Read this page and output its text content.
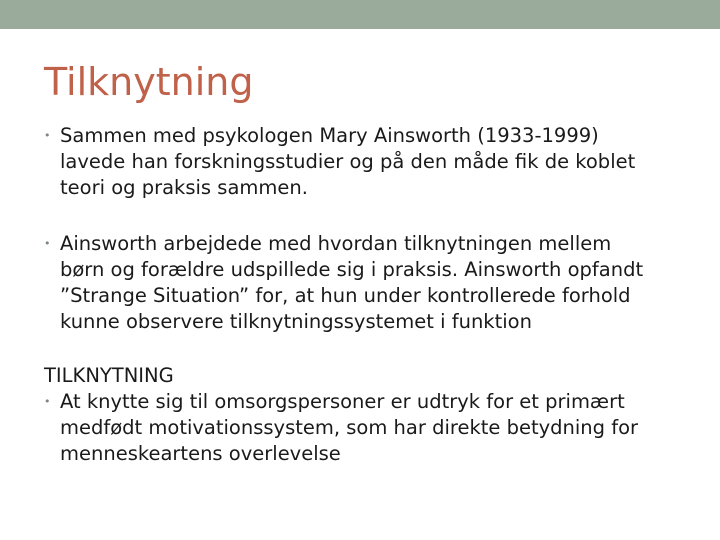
Tilknytning
• Sammen med psykologen Mary Ainsworth (1933-1999)
lavede han forskningsstudier og på den måde fik de koblet
teori og praksis sammen.
• Ainsworth arbejdede med hvordan tilknytningen mellem
børn og forældre udspillede sig i praksis. Ainsworth opfandt
”Strange Situation” for, at hun under kontrollerede forhold
kunne observere tilknytningssystemet i funktion
TILKNYTNING
• At knytte sig til omsorgspersoner er udtryk for et primært
medfødt motivationssystem, som har direkte betydning for
menneskeartens overlevelse
